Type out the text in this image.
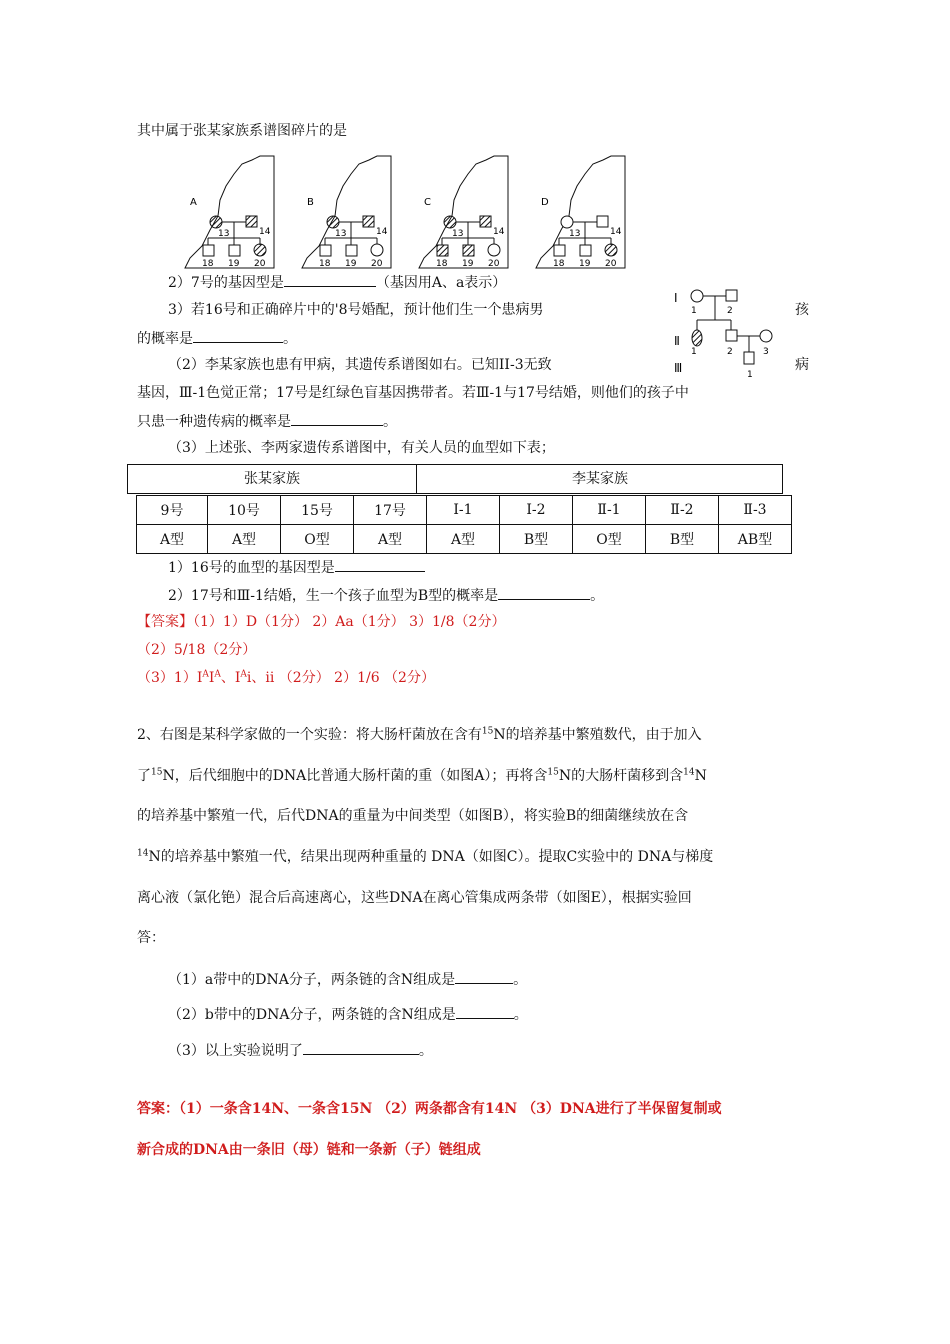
其中属于张某家族系谱图碎片的是
A
13	14
18 19 20
B
13	14
18 19 20
C
13	14
18 19 20
D
13	14
18 19 20
2）7号的基因型是	（基因用A、a表示）
3）若16号和正确碎片中的'8号婚配，预计他们生一个患病男	孩
的概率是	。
Ⅰ
Ⅱ
Ⅲ
1	2
1	2	3
1
（2）李某家族也患有甲病，其遗传系谱图如右。已知II-3无致	病
基因，Ⅲ-1色觉正常；17号是红绿色盲基因携带者。若Ⅲ-1与17号结婚，则他们的孩子中
只患一种遗传病的概率是	。
（3）上述张、李两家遗传系谱图中，有关人员的血型如下表；
张某家族	李某家族
9号	10号	15号	17号	Ⅰ-1	Ⅰ-2	Ⅱ-1	Ⅱ-2	Ⅱ-3
A型	A型	O型	A型	A型	B型	O型	B型	AB型
1）16号的血型的基因型是
2）17号和Ⅲ-1结婚，生一个孩子血型为B型的概率是	。
【答案】（1）1）D（1分） 2）Aa（1分） 3）1/8（2分）
（2）5/18（2分）
$(3)1)I^AI^A$、$I^Ai$、ii （2分） 2）1/6 （2分）
2、右图是某科学家做的一个实验：将大肠杆菌放在含有$^{15}$N的培养基中繁殖数代，由于加入
了$^{15}$N，后代细胞中的DNA比普通大肠杆菌的重（如图A）；再将含$^{15}$N的大肠杆菌移到含$^{14}$N
的培养基中繁殖一代，后代DNA的重量为中间类型（如图B），将实验B的细菌继续放在含
$^{14}$N的培养基中繁殖一代，结果出现两种重量的 DNA（如图C）。提取C实验中的 DNA与梯度
离心液（氯化铯）混合后高速离心，这些DNA在离心管集成两条带（如图E），根据实验回
答：
（1）a带中的DNA分子，两条链的含N组成是	。
（2）b带中的DNA分子，两条链的含N组成是	。
（3）以上实验说明了	。
答案：（1）一条含14N、一条含15N （2）两条都含有14N （3）DNA进行了半保留复制或
新合成的DNA由一条旧（母）链和一条新（子）链组成
